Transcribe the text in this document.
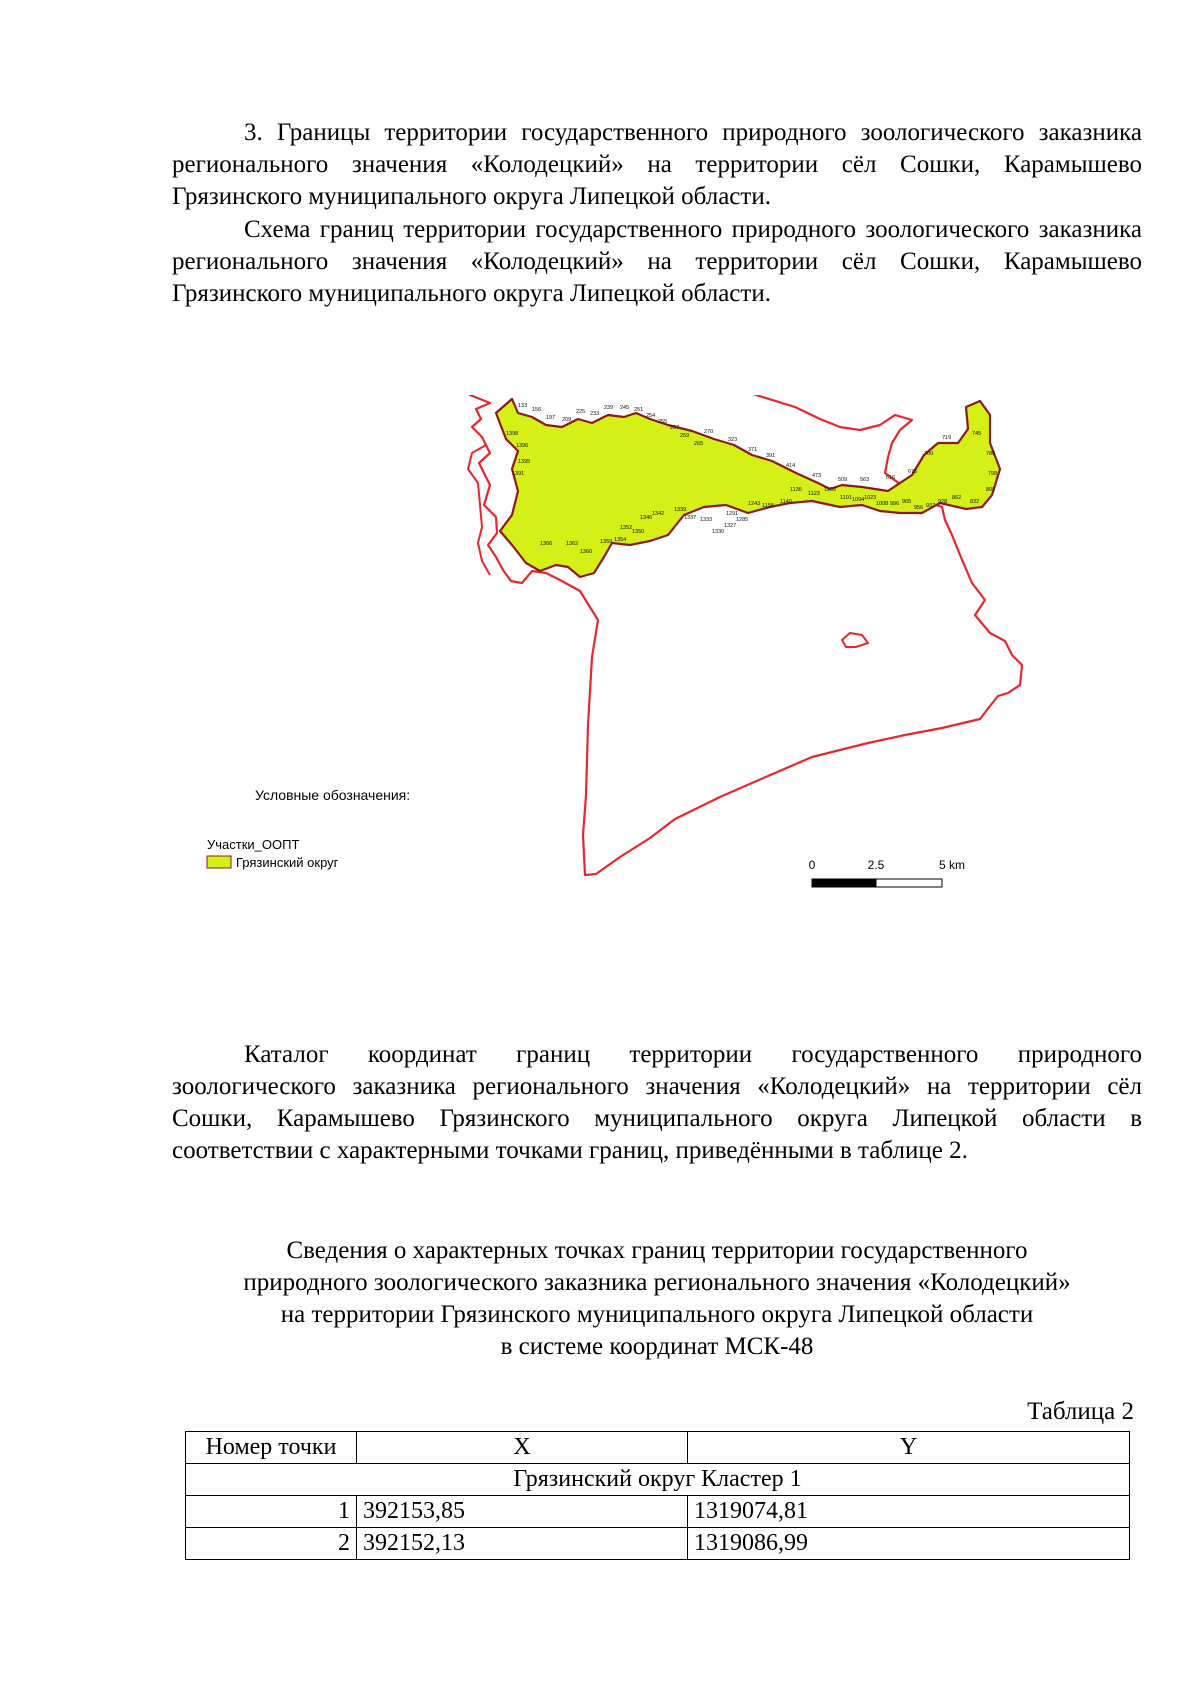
3. Границы территории государственного природного зоологического заказника регионального значения «Колодецкий» на территории сёл Сошки, Карамышево Грязинского муниципального округа Липецкой области.

Схема границ территории государственного природного зоологического заказника регионального значения «Колодецкий» на территории сёл Сошки, Карамышево Грязинского муниципального округа Липецкой области.

1391
1395
1396
1398
1362
1366
1360
1359 1354
1352
1350
1346
1342
1339
1337 1333
1330
1327
1291
1285
1243 1158
1140
1136
1123
1109
1101 1094 1023
1008 996 965
956 937
928
862
832
809
798
786
745
719
700
675
616
563
509
473
414
391
371
323
270
265
259
257
255
254
251
245
239
233
225
209
197
156
133
Условные обозначения:
Участки_ООПТ
Грязинский округ	0	2.5	5 km

Каталог координат границ территории государственного природного зоологического заказника регионального значения «Колодецкий» на территории сёл Сошки, Карамышево Грязинского муниципального округа Липецкой области в соответствии с характерными точками границ, приведёнными в таблице 2.

Сведения о характерных точках границ территории государственного
природного зоологического заказника регионального значения «Колодецкий»
на территории Грязинского муниципального округа Липецкой области
в системе координат МСК-48

Таблица 2

Номер точки	X	Y
Грязинский округ Кластер 1		
1	392153,85	1319074,81
2	392152,13	1319086,99
